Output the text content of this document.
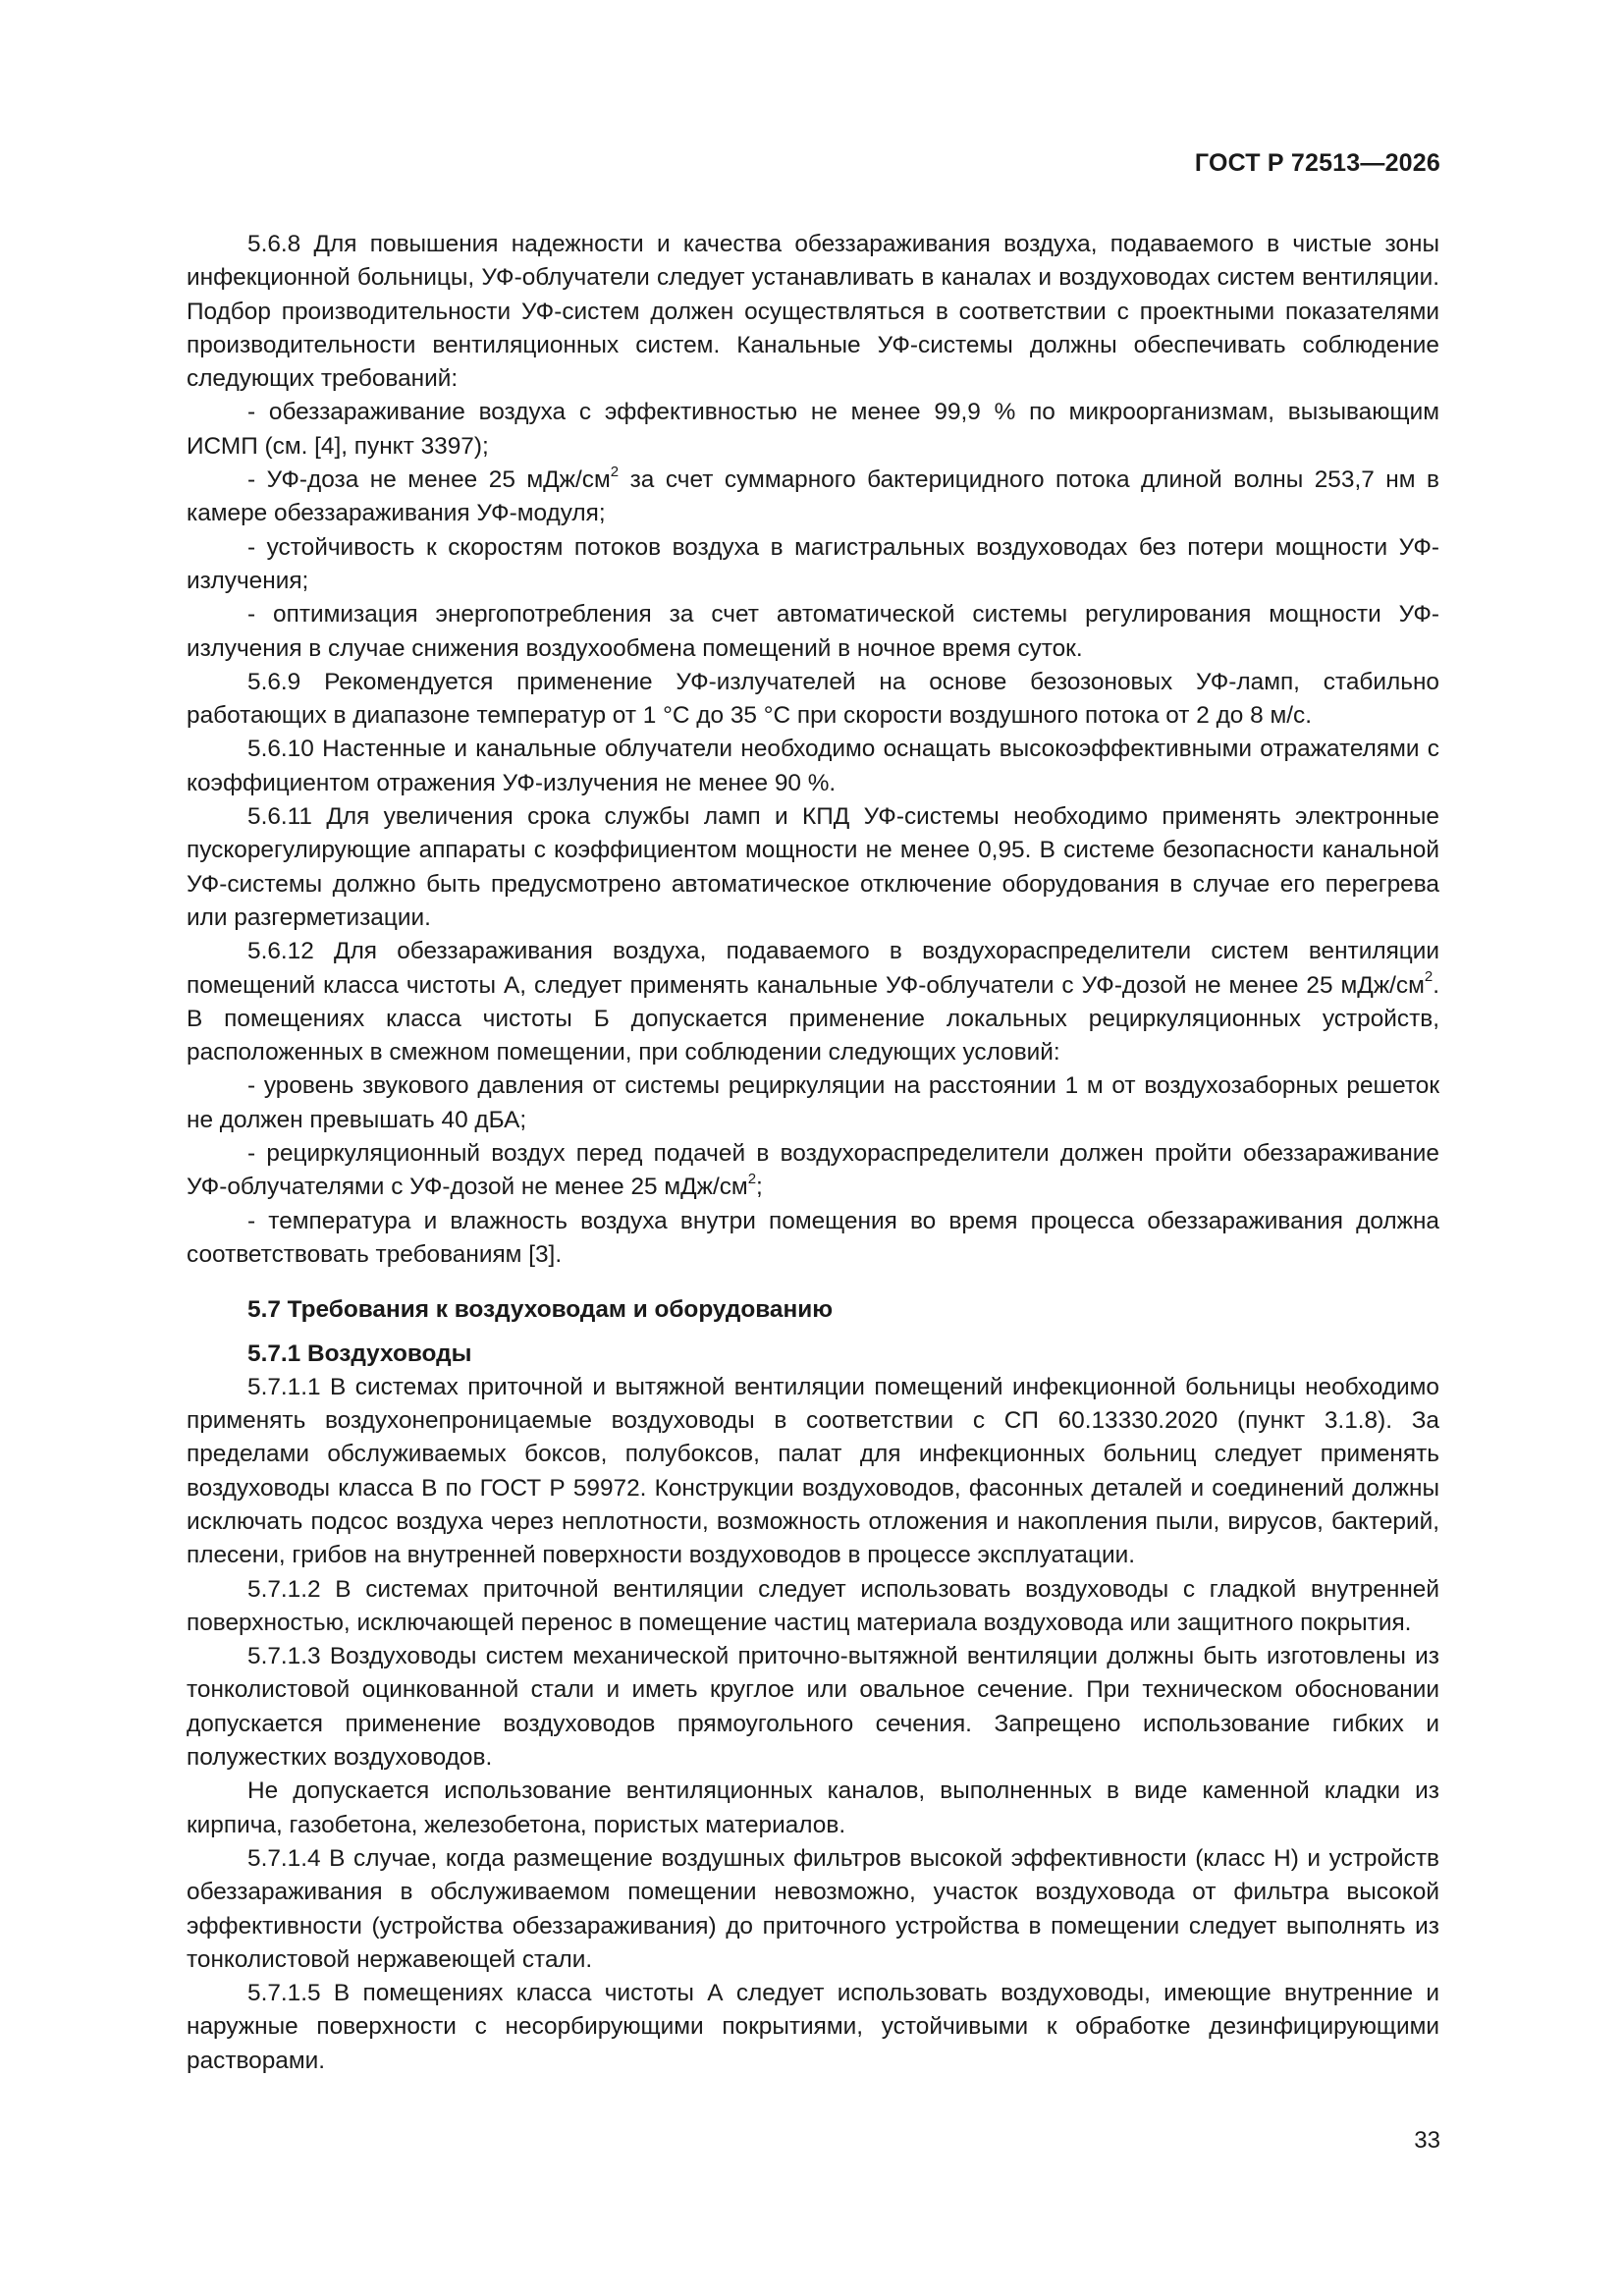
ГОСТ Р 72513—2026

5.6.8 Для повышения надежности и качества обеззараживания воздуха, подаваемого в чистые зоны инфекционной больницы, УФ-облучатели следует устанавливать в каналах и воздуховодах систем вентиляции. Подбор производительности УФ-систем должен осуществляться в соответствии с проектными показателями производительности вентиляционных систем. Канальные УФ-системы должны обеспечивать соблюдение следующих требований:

- обеззараживание воздуха с эффективностью не менее 99,9 % по микроорганизмам, вызывающим ИСМП (см. [4], пункт 3397);

- УФ-доза не менее 25 мДж/$см^2$ за счет суммарного бактерицидного потока длиной волны 253,7 нм в камере обеззараживания УФ-модуля;

- устойчивость к скоростям потоков воздуха в магистральных воздуховодах без потери мощности УФ-излучения;

- оптимизация энергопотребления за счет автоматической системы регулирования мощности УФ-излучения в случае снижения воздухообмена помещений в ночное время суток.

5.6.9 Рекомендуется применение УФ-излучателей на основе безозоновых УФ-ламп, стабильно работающих в диапазоне температур от 1 °С до 35 °С при скорости воздушного потока от 2 до 8 м/с.

5.6.10 Настенные и канальные облучатели необходимо оснащать высокоэффективными отражателями с коэффициентом отражения УФ-излучения не менее 90 %.

5.6.11 Для увеличения срока службы ламп и КПД УФ-системы необходимо применять электронные пускорегулирующие аппараты с коэффициентом мощности не менее 0,95. В системе безопасности канальной УФ-системы должно быть предусмотрено автоматическое отключение оборудования в случае его перегрева или разгерметизации.

5.6.12 Для обеззараживания воздуха, подаваемого в воздухораспределители систем вентиляции помещений класса чистоты А, следует применять канальные УФ-облучатели с УФ-дозой не менее 25 мДж/$см^2$. В помещениях класса чистоты Б допускается применение локальных рециркуляционных устройств, расположенных в смежном помещении, при соблюдении следующих условий:

- уровень звукового давления от системы рециркуляции на расстоянии 1 м от воздухозаборных решеток не должен превышать 40 дБА;

- рециркуляционный воздух перед подачей в воздухораспределители должен пройти обеззараживание УФ-облучателями с УФ-дозой не менее 25 мДж/$см^2$;

- температура и влажность воздуха внутри помещения во время процесса обеззараживания должна соответствовать требованиям [3].

5.7 Требования к воздуховодам и оборудованию
5.7.1 Воздуховоды

5.7.1.1 В системах приточной и вытяжной вентиляции помещений инфекционной больницы необходимо применять воздухонепроницаемые воздуховоды в соответствии с СП 60.13330.2020 (пункт 3.1.8). За пределами обслуживаемых боксов, полубоксов, палат для инфекционных больниц следует применять воздуховоды класса В по ГОСТ Р 59972. Конструкции воздуховодов, фасонных деталей и соединений должны исключать подсос воздуха через неплотности, возможность отложения и накопления пыли, вирусов, бактерий, плесени, грибов на внутренней поверхности воздуховодов в процессе эксплуатации.

5.7.1.2 В системах приточной вентиляции следует использовать воздуховоды с гладкой внутренней поверхностью, исключающей перенос в помещение частиц материала воздуховода или защитного покрытия.

5.7.1.3 Воздуховоды систем механической приточно-вытяжной вентиляции должны быть изготовлены из тонколистовой оцинкованной стали и иметь круглое или овальное сечение. При техническом обосновании допускается применение воздуховодов прямоугольного сечения. Запрещено использование гибких и полужестких воздуховодов.

Не допускается использование вентиляционных каналов, выполненных в виде каменной кладки из кирпича, газобетона, железобетона, пористых материалов.

5.7.1.4 В случае, когда размещение воздушных фильтров высокой эффективности (класс Н) и устройств обеззараживания в обслуживаемом помещении невозможно, участок воздуховода от фильтра высокой эффективности (устройства обеззараживания) до приточного устройства в помещении следует выполнять из тонколистовой нержавеющей стали.

5.7.1.5 В помещениях класса чистоты А следует использовать воздуховоды, имеющие внутренние и наружные поверхности с несорбирующими покрытиями, устойчивыми к обработке дезинфицирующими растворами.

33
